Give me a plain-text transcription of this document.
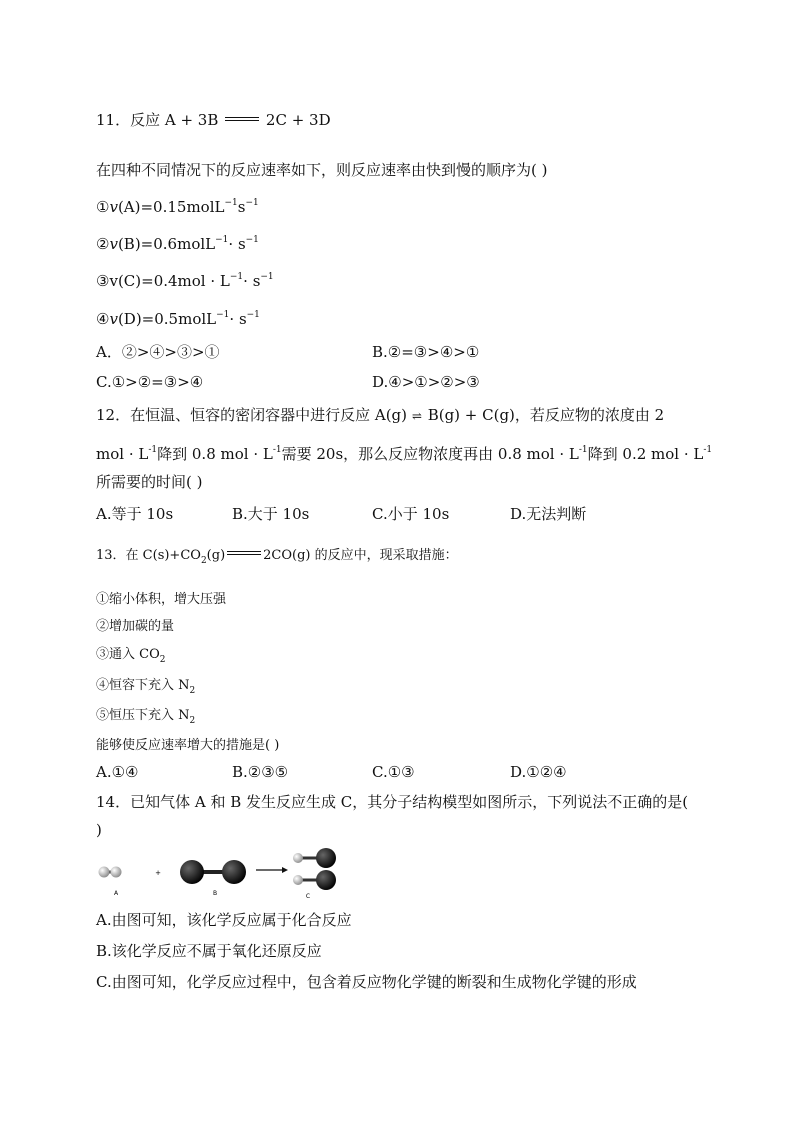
11．反应 A + 3B	2C + 3D
在四种不同情况下的反应速率如下，则反应速率由快到慢的顺序为( )
$①v(A)=0.15molL^{-1}s^{-1}$
②v(B)=0.6molL$^{-1}$· $s^{-1}$
③v(C)=0.4mol · $L^{-1}\cdot s^{-1}$
④v(D)=0.5molL$^{-1}$· $s^{-1}$
A．②>④>③>①	B.②=③>④>①
C.①>②=③>④	D.④>①>②>③
12．在恒温、恒容的密闭容器中进行反应 A(g) ⇌ B(g) + C(g)，若反应物的浓度由 2
mol · $L^{-1}$降到 0.8 mol · $L^{-1}$需要 20s，那么反应物浓度再由 0.8 mol · $L^{-1}$降到 0.2 mol · $L^{-1}$
所需要的时间( )
A.等于 10s	B.大于 10s	C.小于 10s	D.无法判断
13．在 $C(s)+CO_2(g)$	2CO(g) 的反应中，现采取措施：
①缩小体积，增大压强
②增加碳的量
③通入 $CO_2$
④恒容下充入 $N_2$
⑤恒压下充入 $N_2$
能够使反应速率增大的措施是( )
A.①④	B.②③⑤	C.①③	D.①②④
14．已知气体 A 和 B 发生反应生成 C，其分子结构模型如图所示，下列说法不正确的是(
)
A
+
B	C
A.由图可知，该化学反应属于化合反应
B.该化学反应不属于氧化还原反应
C.由图可知，化学反应过程中，包含着反应物化学键的断裂和生成物化学键的形成
